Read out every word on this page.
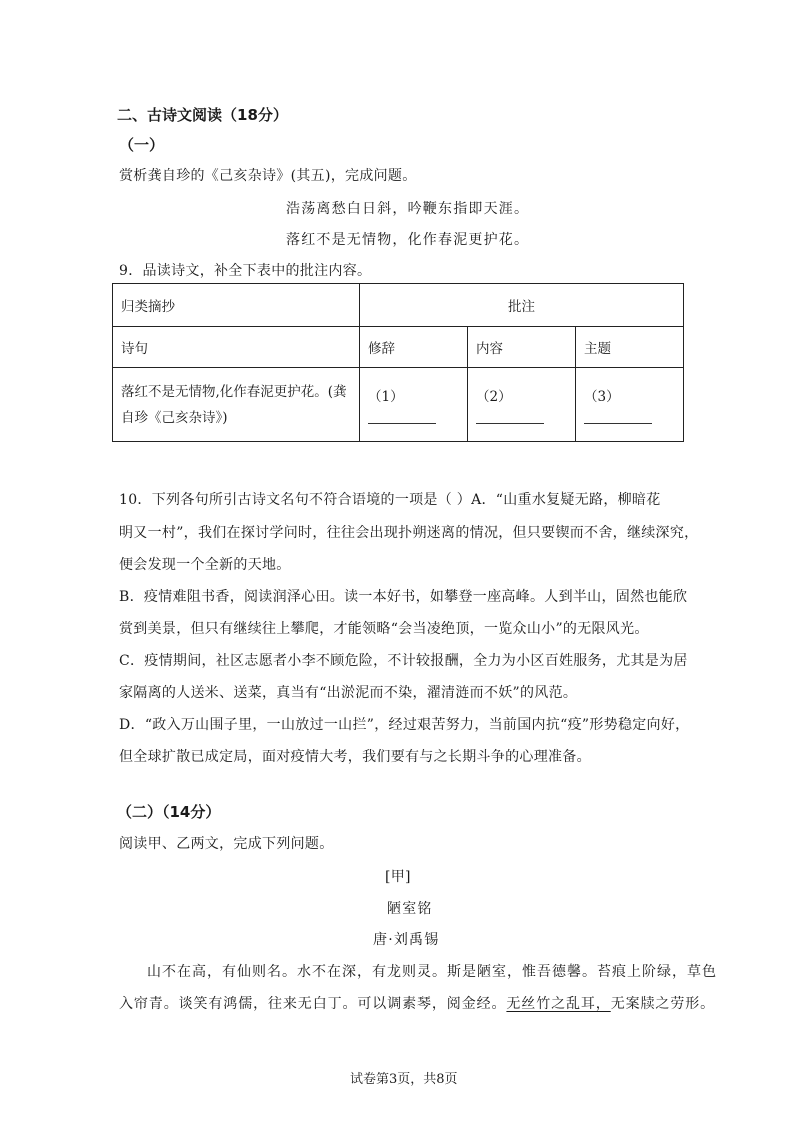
二、古诗文阅读（18分）
（一）
赏析龚自珍的《己亥杂诗》(其五)，完成问题。
浩荡离愁白日斜，吟鞭东指即天涯。
落红不是无情物，化作春泥更护花。
9．品读诗文，补全下表中的批注内容。
归类摘抄	批注		
诗句	修辞	内容	主题

落红不是无情物,化作春泥更护花。(龚
自珍《己亥杂诗》)	（1）	（2）	（3）
10．下列各句所引古诗文名句不符合语境的一项是（ ）A．“山重水复疑无路，柳暗花
明又一村”，我们在探讨学问时，往往会出现扑朔迷离的情况，但只要锲而不舍，继续深究，
便会发现一个全新的天地。
B．疫情难阻书香，阅读润泽心田。读一本好书，如攀登一座高峰。人到半山，固然也能欣
赏到美景，但只有继续往上攀爬，才能领略“会当凌绝顶，一览众山小”的无限风光。
C．疫情期间，社区志愿者小李不顾危险，不计较报酬，全力为小区百姓服务，尤其是为居
家隔离的人送米、送菜，真当有“出淤泥而不染，濯清涟而不妖”的风范。
D．“政入万山围子里，一山放过一山拦”，经过艰苦努力，当前国内抗“疫”形势稳定向好，
但全球扩散已成定局，面对疫情大考，我们要有与之长期斗争的心理准备。
（二）（14分）
阅读甲、乙两文，完成下列问题。
[甲]
陋室铭
唐·刘禹锡
山不在高，有仙则名。水不在深，有龙则灵。斯是陋室，惟吾德馨。苔痕上阶绿，草色
入帘青。谈笑有鸿儒，往来无白丁。可以调素琴，阅金经。无丝竹之乱耳，无案牍之劳形。
试卷第3页，共8页
